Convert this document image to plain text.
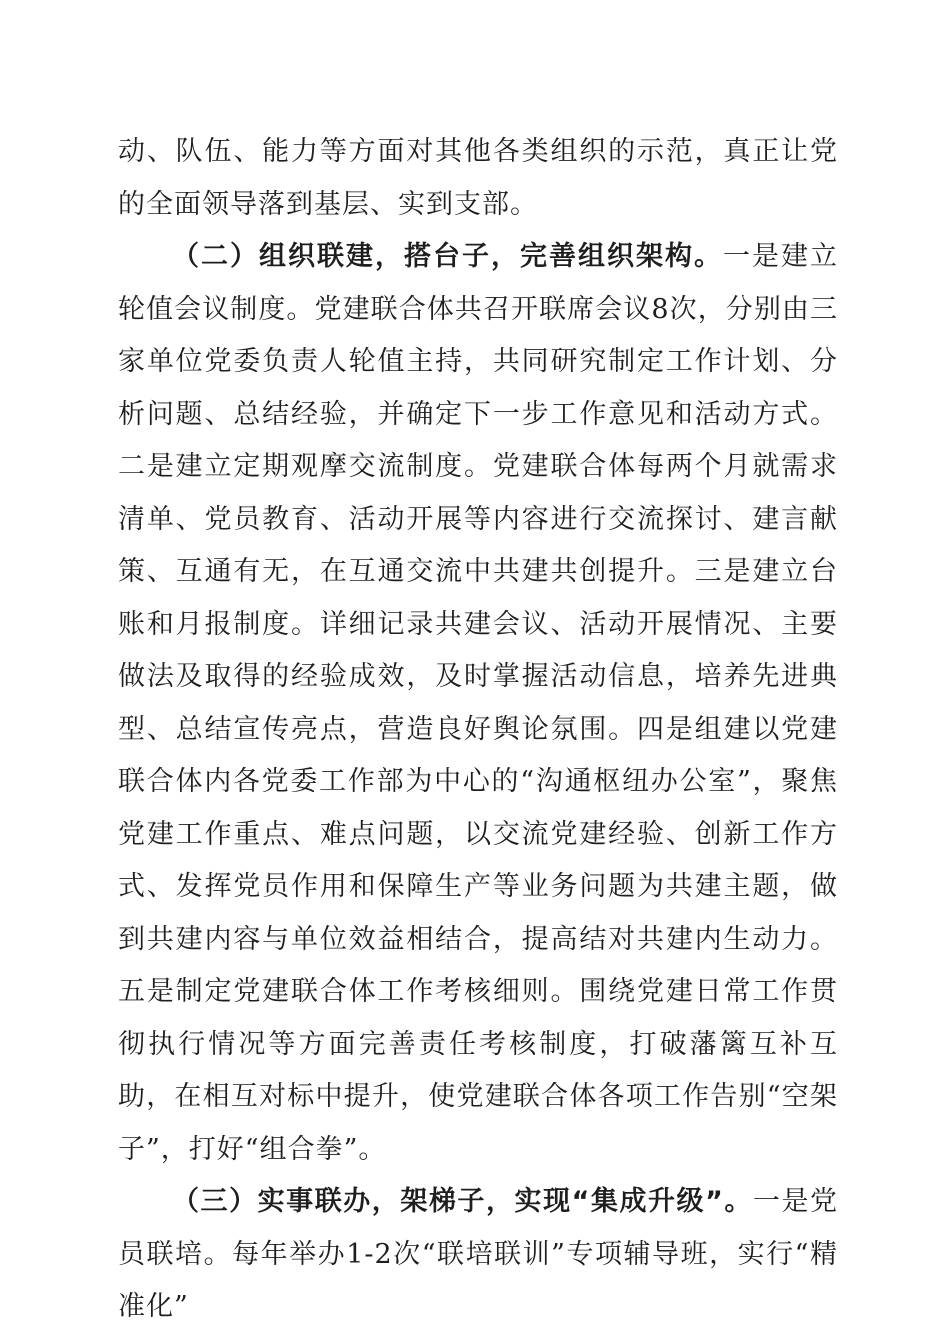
动、队伍、能力等方面对其他各类组织的示范，真正让党的全面领导落到基层、实到支部。

（二）组织联建，搭台子，完善组织架构。一是建立轮值会议制度。党建联合体共召开联席会议8次，分别由三家单位党委负责人轮值主持，共同研究制定工作计划、分析问题、总结经验，并确定下一步工作意见和活动方式。二是建立定期观摩交流制度。党建联合体每两个月就需求清单、党员教育、活动开展等内容进行交流探讨、建言献策、互通有无，在互通交流中共建共创提升。三是建立台账和月报制度。详细记录共建会议、活动开展情况、主要做法及取得的经验成效，及时掌握活动信息，培养先进典型、总结宣传亮点，营造良好舆论氛围。四是组建以党建联合体内各党委工作部为中心的“沟通枢纽办公室”，聚焦党建工作重点、难点问题，以交流党建经验、创新工作方式、发挥党员作用和保障生产等业务问题为共建主题，做到共建内容与单位效益相结合，提高结对共建内生动力。五是制定党建联合体工作考核细则。围绕党建日常工作贯彻执行情况等方面完善责任考核制度，打破藩篱互补互助，在相互对标中提升，使党建联合体各项工作告别“空架子”，打好“组合拳”。

（三）实事联办，架梯子，实现“集成升级”。一是党员联培。每年举办1-2次“联培联训”专项辅导班，实行“精准化”
